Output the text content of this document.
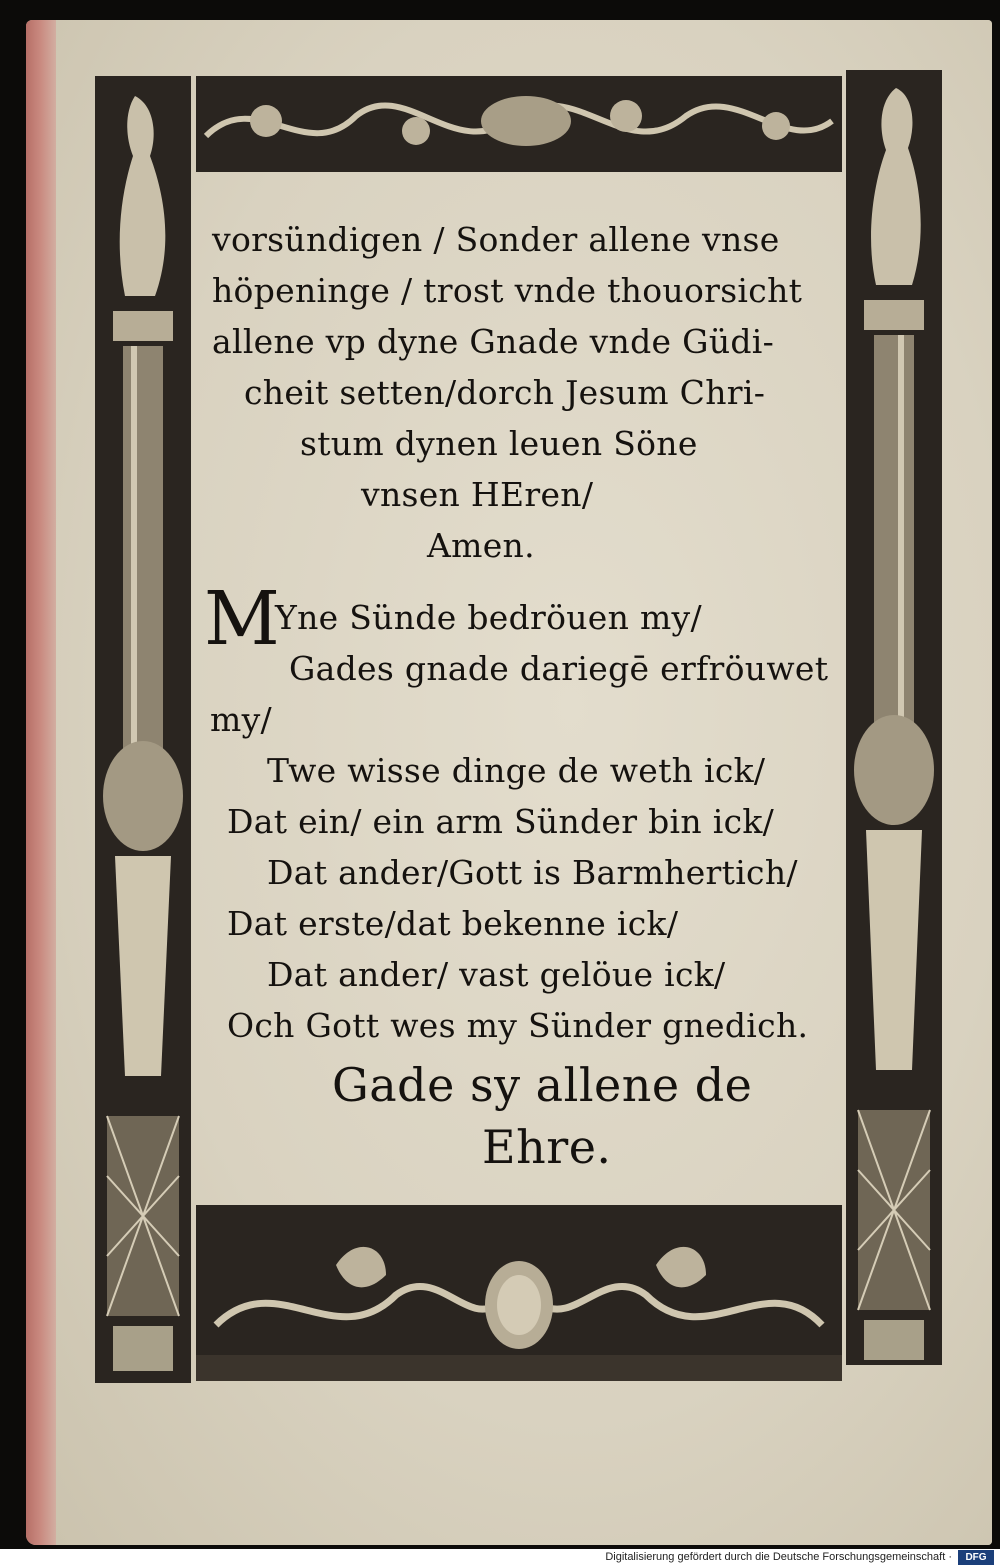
vorsündigen / Sonder allene vnse
höpeninge / trost vnde thouorsicht
allene vp dyne Gnade vnde Güdi-
cheit setten/dorch Jesum Chri-
stum dynen leuen Söne
vnsen HEren/
Amen.
M
Yne Sünde bedröuen my/
Gades gnade dariegē erfröuwet
my/
Twe wisse dinge de weth ick/
Dat ein/ ein arm Sünder bin ick/
Dat ander/Gott is Barmhertich/
Dat erste/dat bekenne ick/
Dat ander/ vast gelöue ick/
Och Gott wes my Sünder gnedich.
Gade sy allene de
Ehre.
Digitalisierung gefördert durch die Deutsche Forschungsgemeinschaft ·	DFG
